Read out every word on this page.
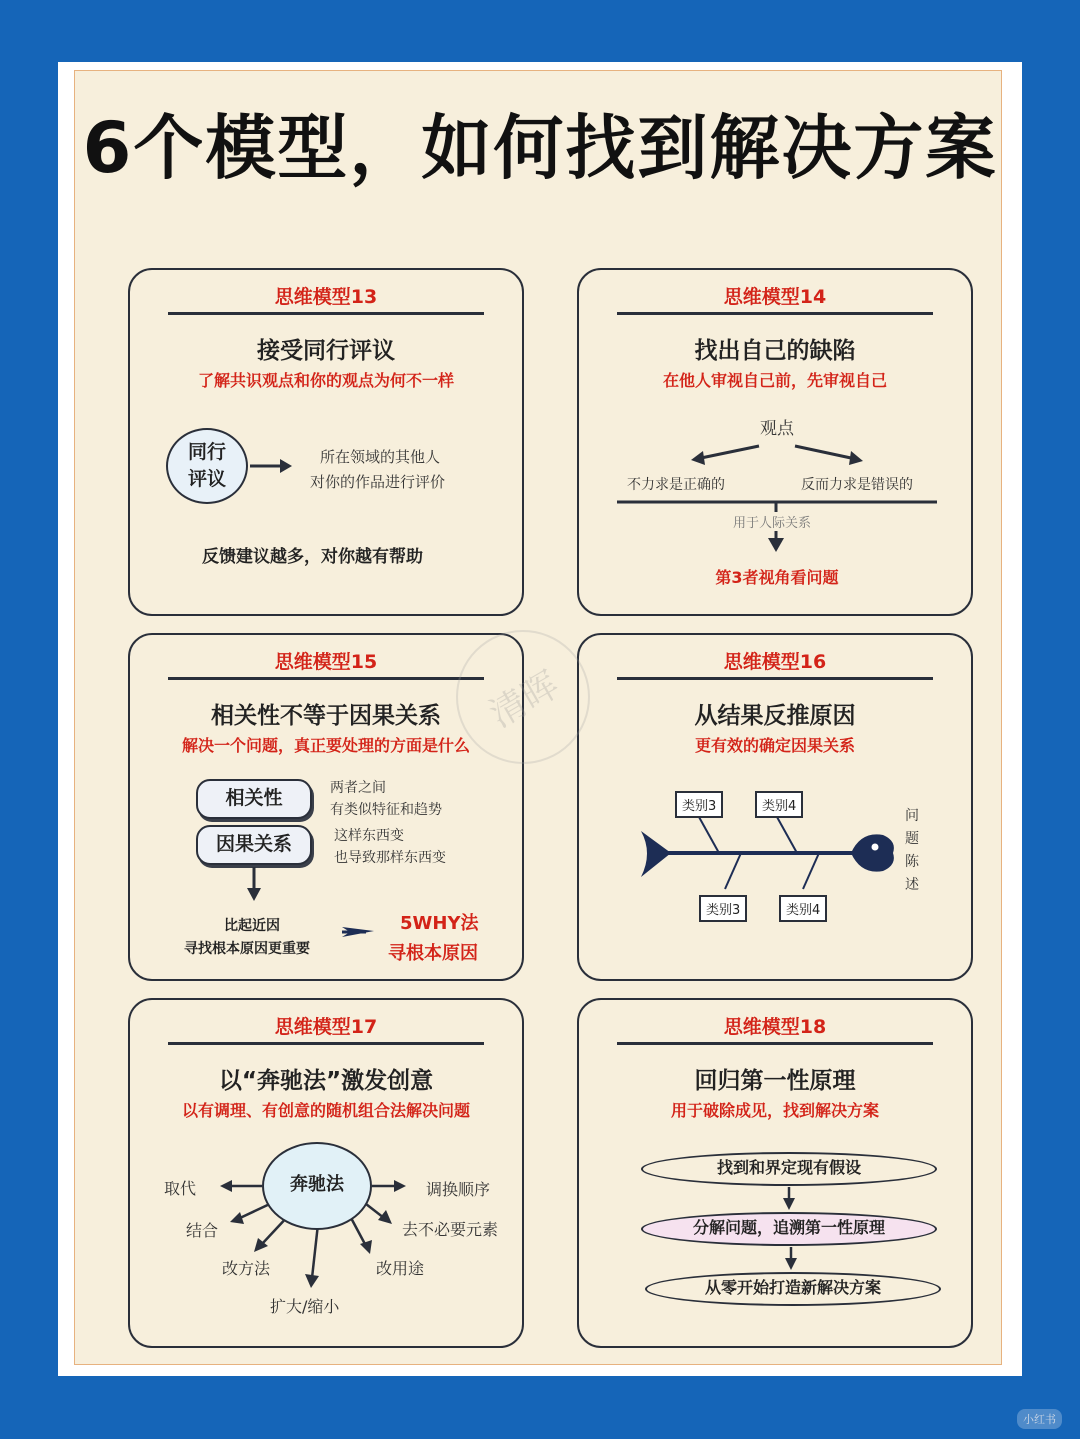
6个模型，如何找到解决方案
思维模型13
接受同行评议
了解共识观点和你的观点为何不一样
同行
评议
所在领域的其他人
对你的作品进行评价
反馈建议越多，对你越有帮助
思维模型14
找出自己的缺陷
在他人审视自己前，先审视自己
观点
不力求是正确的	反而力求是错误的
用于人际关系
第3者视角看问题
思维模型15
相关性不等于因果关系
解决一个问题，真正要处理的方面是什么
相关性
因果关系
两者之间
有类似特征和趋势
这样东西变
也导致那样东西变
比起近因
寻找根本原因更重要
5WHY法
寻根本原因
思维模型16
从结果反推原因
更有效的确定因果关系
类别3	类别4
类别3	类别4
问
题
陈
述
思维模型17
以“奔驰法”激发创意
以有调理、有创意的随机组合法解决问题
奔驰法
取代
结合
改方法
扩大/缩小
改用途
去不必要元素
调换顺序
思维模型18
回归第一性原理
用于破除成见，找到解决方案
找到和界定现有假设
分解问题，追溯第一性原理
从零开始打造新解决方案
清晖
小红书
